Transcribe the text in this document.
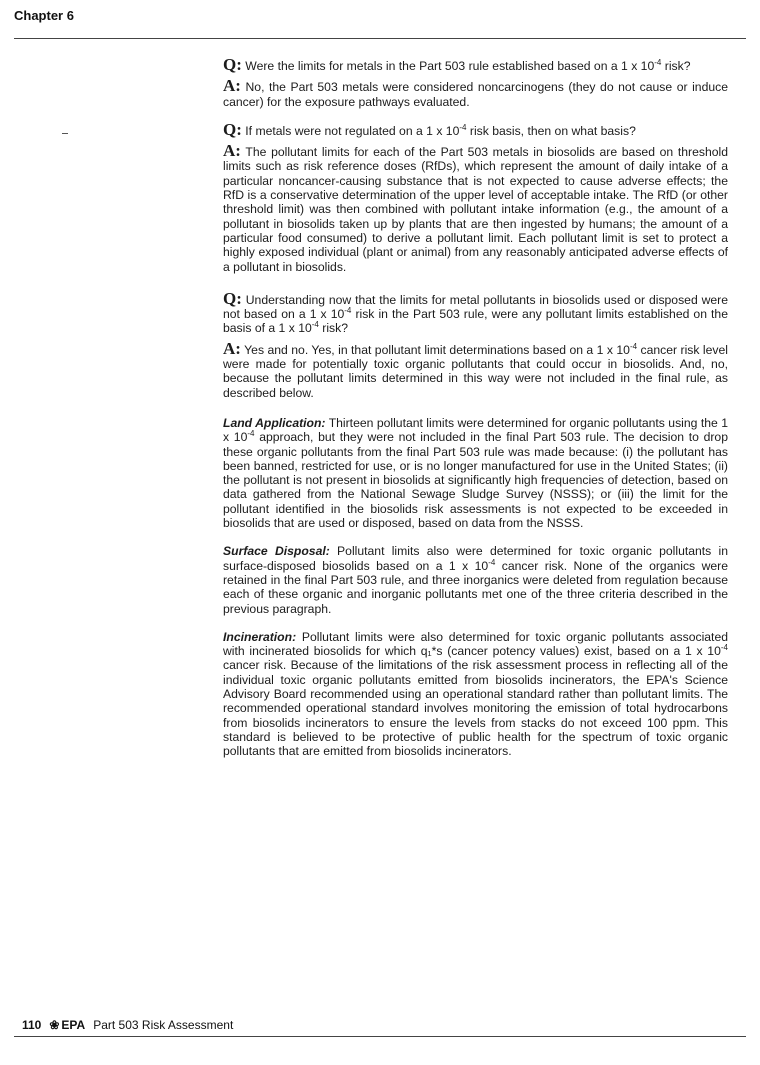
Chapter 6

Q: Were the limits for metals in the Part 503 rule established based on a 1 x $10^{-4}$ risk?

A: No, the Part 503 metals were considered noncarcinogens (they do not cause or induce cancer) for the exposure pathways evaluated.

Q: If metals were not regulated on a 1 x $10^{-4}$ risk basis, then on what basis?

A: The pollutant limits for each of the Part 503 metals in biosolids are based on threshold limits such as risk reference doses (RfDs), which represent the amount of daily intake of a particular noncancer-causing substance that is not expected to cause adverse effects; the RfD is a conservative determination of the upper level of acceptable intake. The RfD (or other threshold limit) was then combined with pollutant intake information (e.g., the amount of a pollutant in biosolids taken up by plants that are then ingested by humans; the amount of a particular food consumed) to derive a pollutant limit. Each pollutant limit is set to protect a highly exposed individual (plant or animal) from any reasonably anticipated adverse effects of a pollutant in biosolids.

Q: Understanding now that the limits for metal pollutants in biosolids used or disposed were not based on a 1 x $10^{-4}$ risk in the Part 503 rule, were any pollutant limits established on the basis of a 1 x $10^{-4}$ risk?

A: Yes and no. Yes, in that pollutant limit determinations based on a 1 x $10^{-4}$ cancer risk level were made for potentially toxic organic pollutants that could occur in biosolids. And, no, because the pollutant limits determined in this way were not included in the final rule, as described below.

Land Application: Thirteen pollutant limits were determined for organic pollutants using the 1 x $10^{-4}$ approach, but they were not included in the final Part 503 rule. The decision to drop these organic pollutants from the final Part 503 rule was made because: (i) the pollutant has been banned, restricted for use, or is no longer manufactured for use in the United States; (ii) the pollutant is not present in biosolids at significantly high frequencies of detection, based on data gathered from the National Sewage Sludge Survey (NSSS); or (iii) the limit for the pollutant identified in the biosolids risk assessments is not expected to be exceeded in biosolids that are used or disposed, based on data from the NSSS.

Surface Disposal: Pollutant limits also were determined for toxic organic pollutants in surface-disposed biosolids based on a 1 x $10^{-4}$ cancer risk. None of the organics were retained in the final Part 503 rule, and three inorganics were deleted from regulation because each of these organic and inorganic pollutants met one of the three criteria described in the previous paragraph.

Incineration: Pollutant limits were also determined for toxic organic pollutants associated with incinerated biosolids for which q₁*s (cancer potency values) exist, based on a 1 x $10^{-4}$ cancer risk. Because of the limitations of the risk assessment process in reflecting all of the individual toxic organic pollutants emitted from biosolids incinerators, the EPA's Science Advisory Board recommended using an operational standard rather than pollutant limits. The recommended operational standard involves monitoring the emission of total hydrocarbons from biosolids incinerators to ensure the levels from stacks do not exceed 100 ppm. This standard is believed to be protective of public health for the spectrum of toxic organic pollutants that are emitted from biosolids incinerators.

110 ❀ EPA Part 503 Risk Assessment
